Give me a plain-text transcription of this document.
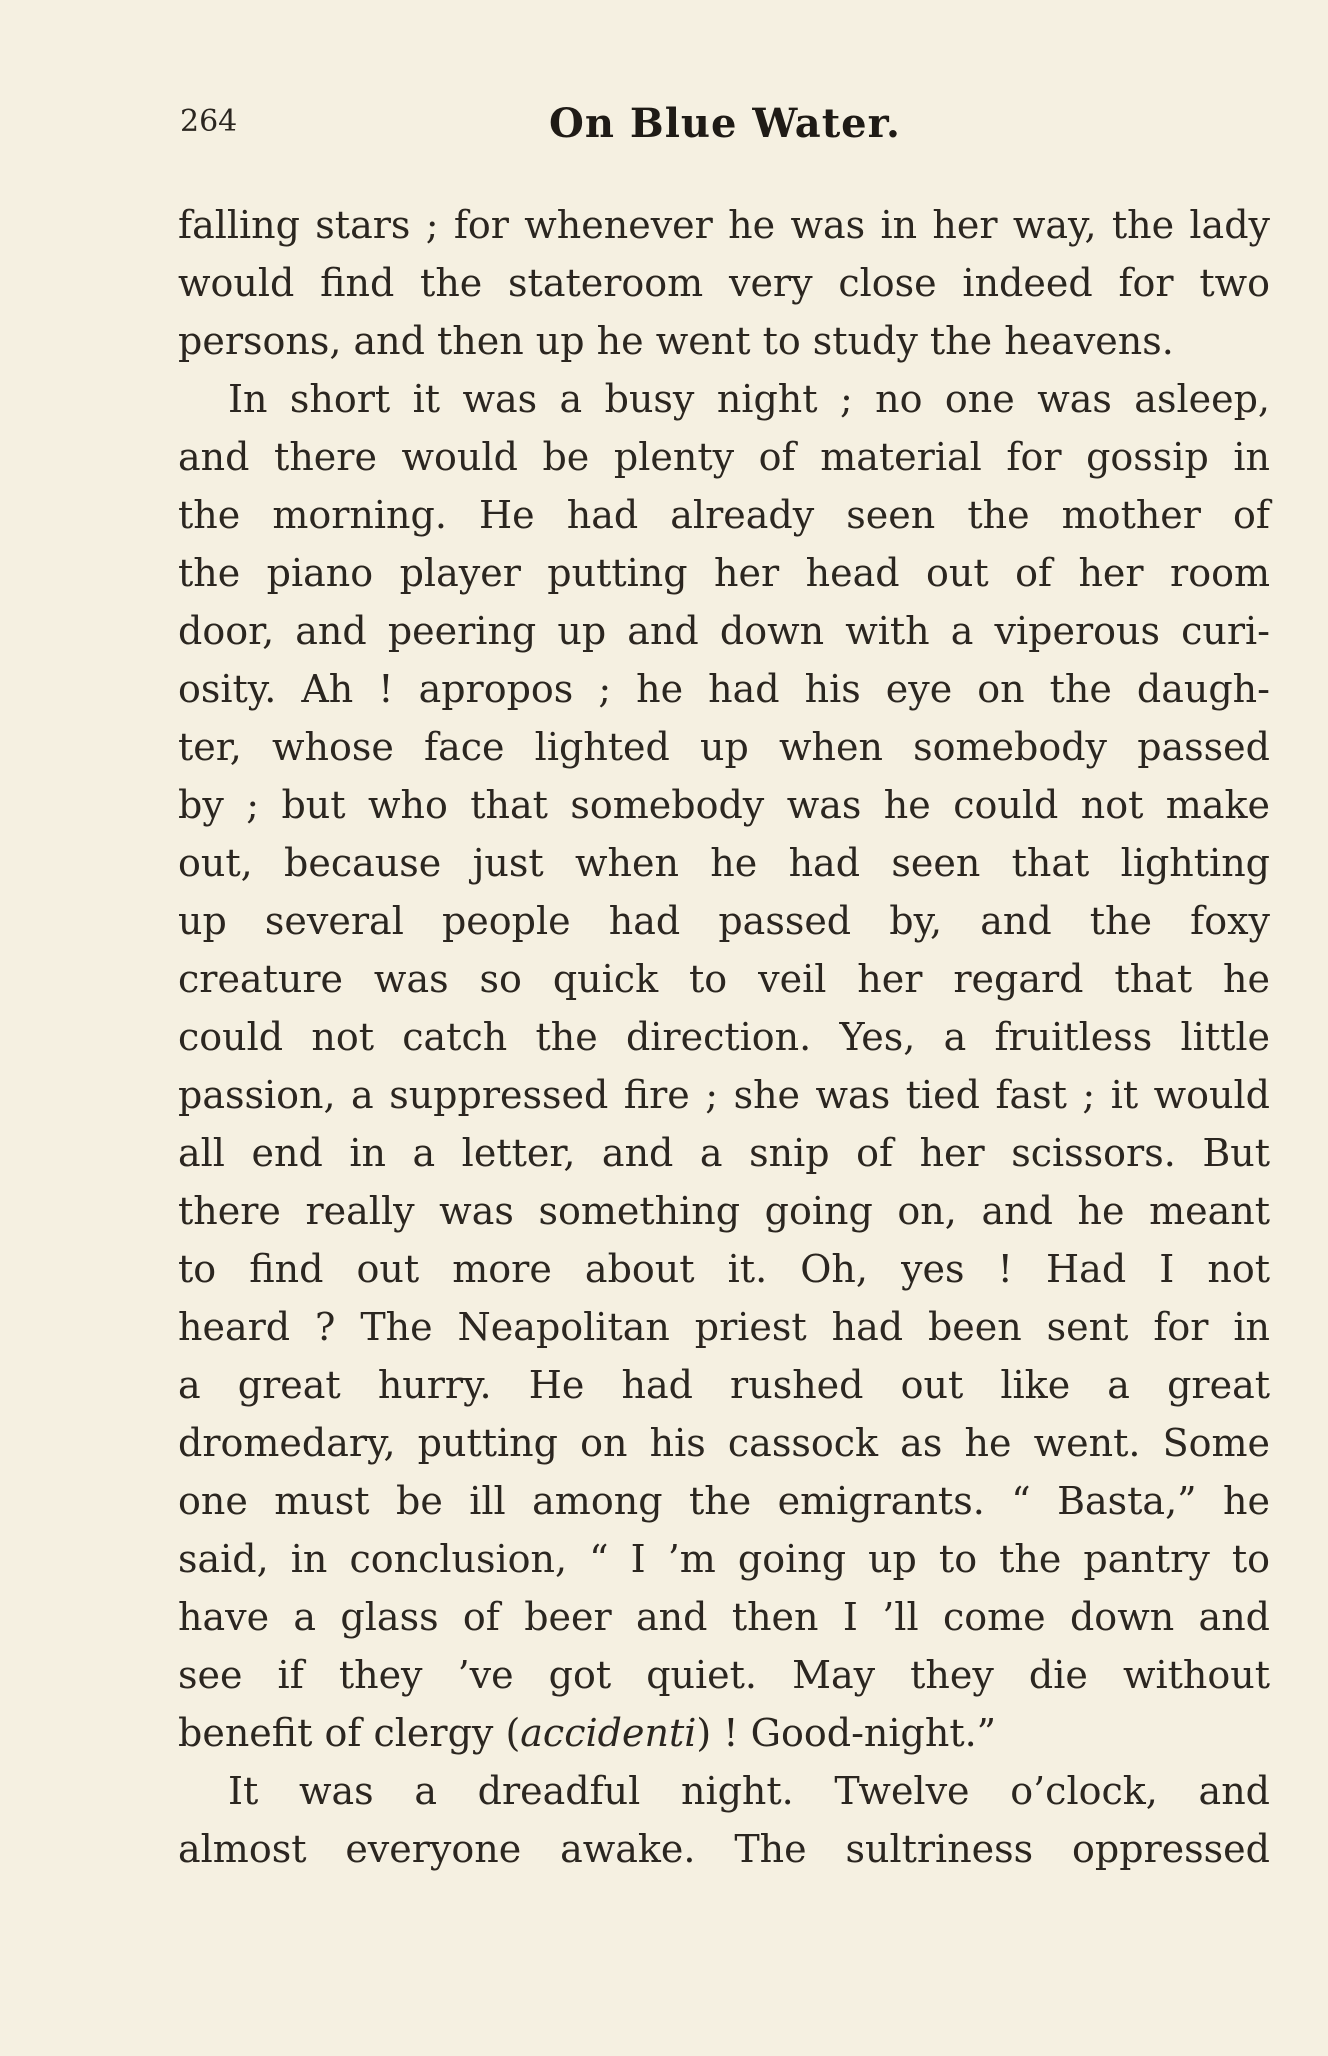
264	On Blue Water.
falling stars ; for whenever he was in her way, the lady
would find the stateroom very close indeed for two
persons, and then up he went to study the heavens.
In short it was a busy night ; no one was asleep,
and there would be plenty of material for gossip in
the morning. He had already seen the mother of
the piano player putting her head out of her room
door, and peering up and down with a viperous curi-
osity. Ah ! apropos ; he had his eye on the daugh-
ter, whose face lighted up when somebody passed
by ; but who that somebody was he could not make
out, because just when he had seen that lighting
up several people had passed by, and the foxy
creature was so quick to veil her regard that he
could not catch the direction. Yes, a fruitless little
passion, a suppressed fire ; she was tied fast ; it would
all end in a letter, and a snip of her scissors. But
there really was something going on, and he meant
to find out more about it. Oh, yes ! Had I not
heard ? The Neapolitan priest had been sent for in
a great hurry. He had rushed out like a great
dromedary, putting on his cassock as he went. Some
one must be ill among the emigrants. “ Basta,” he
said, in conclusion, “ I ’m going up to the pantry to
have a glass of beer and then I ’ll come down and
see if they ’ve got quiet. May they die without
benefit of clergy (accidenti) ! Good-night.”
It was a dreadful night. Twelve o’clock, and
almost everyone awake. The sultriness oppressed
